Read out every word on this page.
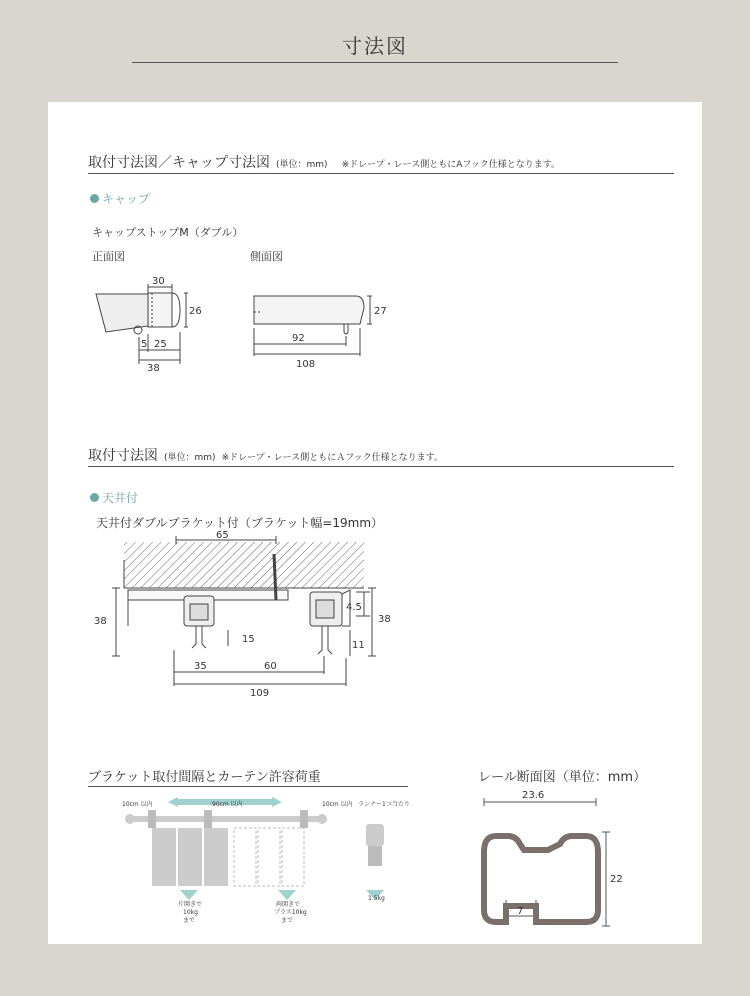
寸法図
取付寸法図／キャップ寸法図 (単位：mm) ※ドレープ・レース側ともにAフック仕様となります。
キャップ
キャップストップM（ダブル）
正面図	側面図
30
26
5 25
38
27
92
108
取付寸法図 (単位：mm) ※ドレープ・レース側ともにＡフック仕様となります。
天井付
天井付ダブルブラケット付（ブラケット幅=19mm）
65
38	38
4.5
15
11
35	60
109
ブラケット取付間隔とカーテン許容荷重
10cm 以内	90cm 以内	10cm 以内 ランナー1コ当たり
片開きで
10kg
まで
両開きで
プラス10kg
まで
1.5kg
レール断面図（単位：mm）
23.6
22
7
